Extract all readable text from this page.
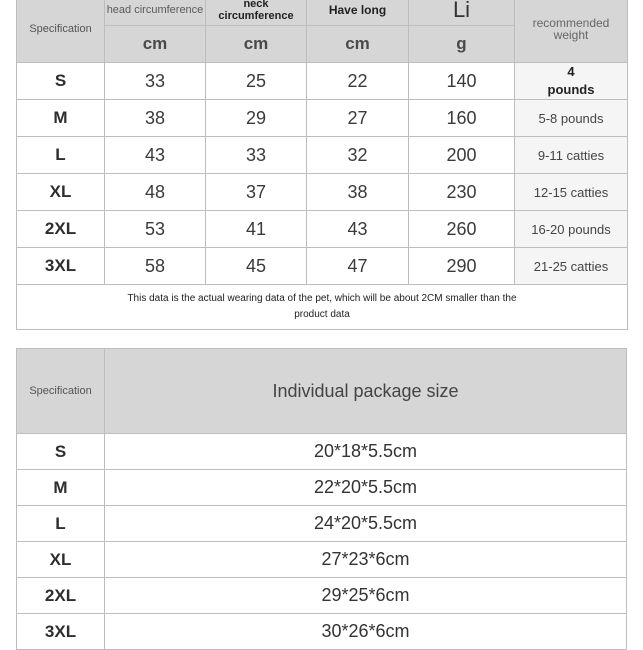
Specification	head circumference	neck circumference	Have long	Li	recommended weight
	cm	cm	cm	g	
S	33	25	22	140	4 pounds
M	38	29	27	160	5-8 pounds
L	43	33	32	200	9-11 catties
XL	48	37	38	230	12-15 catties
2XL	53	41	43	260	16-20 pounds
3XL	58	45	47	290	21-25 catties

This data is the actual wearing data of the pet, which will be about 2CM smaller than the product data					
Specification	Individual package size
S	20*18*5.5cm
M	22*20*5.5cm
L	24*20*5.5cm
XL	27*23*6cm
2XL	29*25*6cm
3XL	30*26*6cm
